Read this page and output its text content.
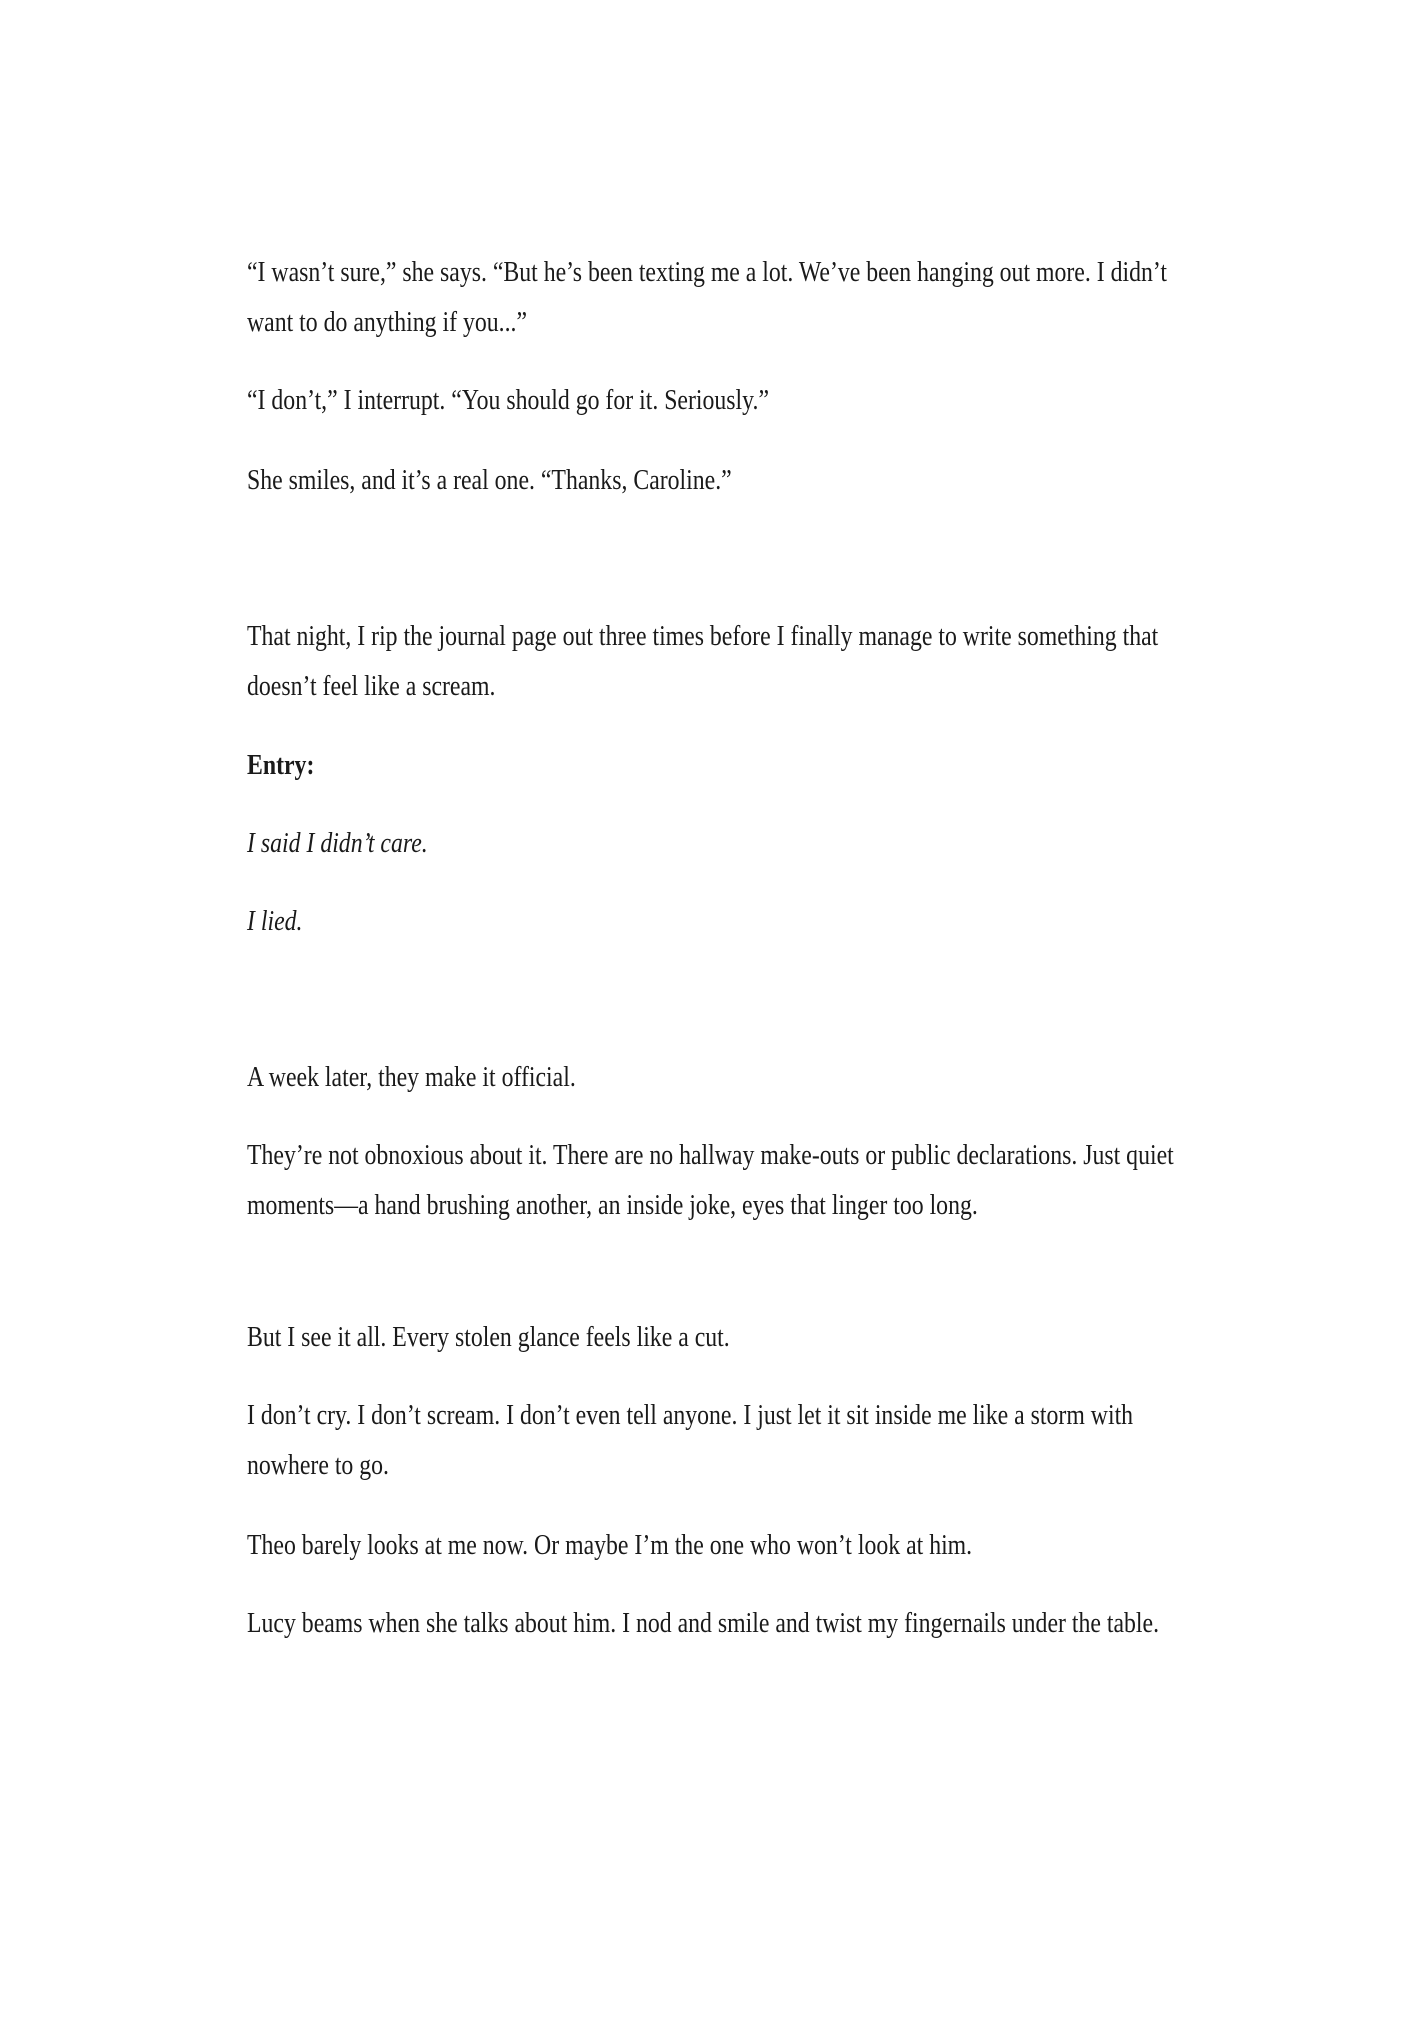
“I wasn’t sure,” she says. “But he’s been texting me a lot. We’ve been hanging out more. I didn’t want to do anything if you...”

“I don’t,” I interrupt. “You should go for it. Seriously.”

She smiles, and it’s a real one. “Thanks, Caroline.”

That night, I rip the journal page out three times before I finally manage to write something that doesn’t feel like a scream.

Entry:

I said I didn’t care.

I lied.

A week later, they make it official.

They’re not obnoxious about it. There are no hallway make-outs or public declarations. Just quiet moments—a hand brushing another, an inside joke, eyes that linger too long.

But I see it all. Every stolen glance feels like a cut.

I don’t cry. I don’t scream. I don’t even tell anyone. I just let it sit inside me like a storm with nowhere to go.

Theo barely looks at me now. Or maybe I’m the one who won’t look at him.

Lucy beams when she talks about him. I nod and smile and twist my fingernails under the table.
